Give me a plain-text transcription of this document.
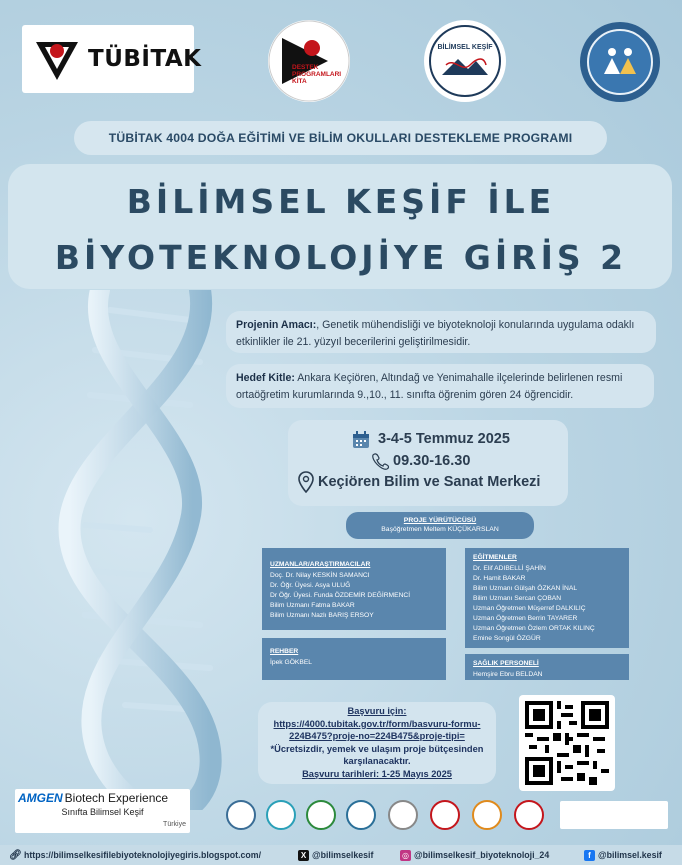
TÜBİTAK	DESTEK
PROGRAMLARI
KİTA
BİLİMSEL KEŞİF
TÜBİTAK 4004 DOĞA EĞİTİMİ VE BİLİM OKULLARI DESTEKLEME PROGRAMI
BİLİMSEL KEŞİF İLE
BİYOTEKNOLOJİYE GİRİŞ 2
Projenin Amacı:, Genetik mühendisliği ve biyoteknoloji konularında uygulama odaklı etkinlikler ile 21. yüzyıl becerilerini geliştirilmesidir.
Hedef Kitle: Ankara Keçiören, Altındağ ve Yenimahalle ilçelerinde belirlenen resmi ortaöğretim kurumlarında 9.,10., 11. sınıfta öğrenim gören 24 öğrencidir.
3-4-5 Temmuz 2025
09.30-16.30
Keçiören Bilim ve Sanat Merkezi
PROJE YÜRÜTÜCÜSÜ
Başöğretmen Meltem KÜÇÜKARSLAN
UZMANLAR/ARAŞTIRMACILAR
Doç. Dr. Nilay KESKİN SAMANCI
Dr. Öğr. Üyesi. Asya ULUĞ
Dr Öğr. Üyesi. Funda ÖZDEMİR DEĞİRMENCİ
Bilim Uzmanı Fatma BAKAR
Bilim Uzmanı Nazlı BARIŞ ERSOY
EĞİTMENLER
Dr. Elif ADIBELLİ ŞAHİN
Dr. Hamit BAKAR
Bilim Uzmanı Gülşah ÖZKAN İNAL
Bilim Uzmanı Sercan ÇOBAN
Uzman Öğretmen Müşerref DALKILIÇ
Uzman Öğretmen Berrin TAYARER
Uzman Öğretmen Özlem ORTAK KILINÇ
Emine Songül ÖZGÜR
REHBER
İpek GÖKBEL	SAĞLIK PERSONELİ
Hemşire Ebru BELDAN
Başvuru için:
https://4000.tubitak.gov.tr/form/basvuru-formu-224B475?proje-no=224B475&proje-tipi=
*Ücretsizdir, yemek ve ulaşım proje bütçesinden karşılanacaktır.
Başvuru tarihleri: 1-25 Mayıs 2025
AMGEN Biotech Experience
Sınıfta Bilimsel Keşif
Türkiye
🔗︎ https://bilimselkesifilebiyoteknolojiyegiris.blogspot.com/	X @bilimselkesif	◎ @bilimselkesif_biyoteknoloji_24	f @bilimsel.kesif
